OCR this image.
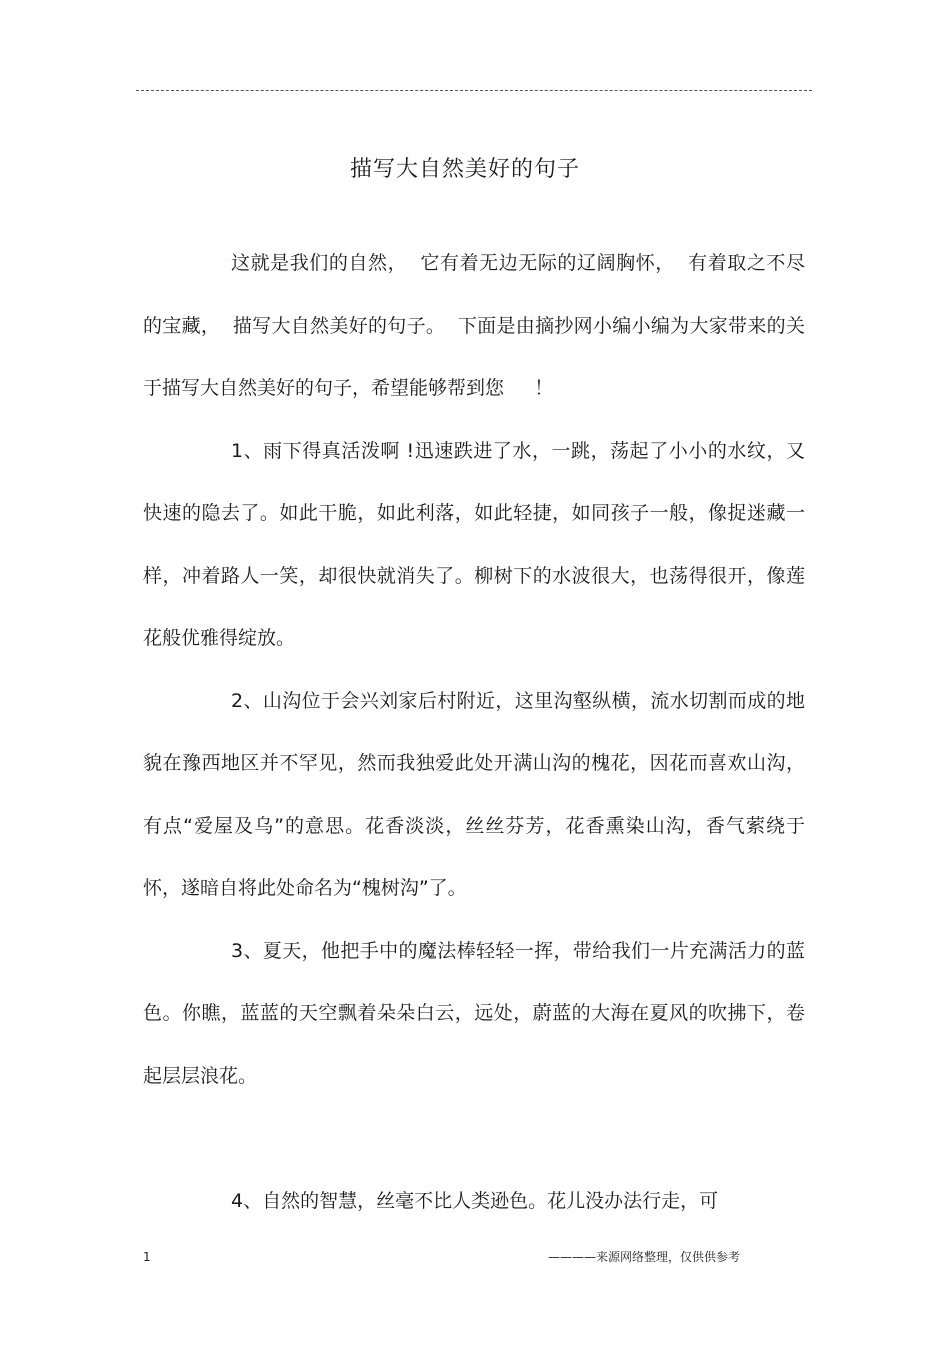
描写大自然美好的句子

这就是我们的自然，  它有着无边无际的辽阔胸怀，  有着取之不尽的宝藏，  描写大自然美好的句子。  下面是由摘抄网小编小编为大家带来的关于描写大自然美好的句子，希望能够帮到您     ！

1、雨下得真活泼啊 !迅速跌进了水，一跳，荡起了小小的水纹，又快速的隐去了。如此干脆，如此利落，如此轻捷，如同孩子一般，像捉迷藏一样，冲着路人一笑，却很快就消失了。柳树下的水波很大，也荡得很开，像莲花般优雅得绽放。

2、山沟位于会兴刘家后村附近，这里沟壑纵横，流水切割而成的地貌在豫西地区并不罕见，然而我独爱此处开满山沟的槐花，因花而喜欢山沟，有点“爱屋及乌”的意思。花香淡淡，丝丝芬芳，花香熏染山沟，香气萦绕于怀，遂暗自将此处命名为“槐树沟”了。

3、夏天，他把手中的魔法棒轻轻一挥，带给我们一片充满活力的蓝色。你瞧，蓝蓝的天空飘着朵朵白云，远处，蔚蓝的大海在夏风的吹拂下，卷起层层浪花。

4、自然的智慧，丝毫不比人类逊色。花儿没办法行走，可

1	————来源网络整理，仅供供参考
